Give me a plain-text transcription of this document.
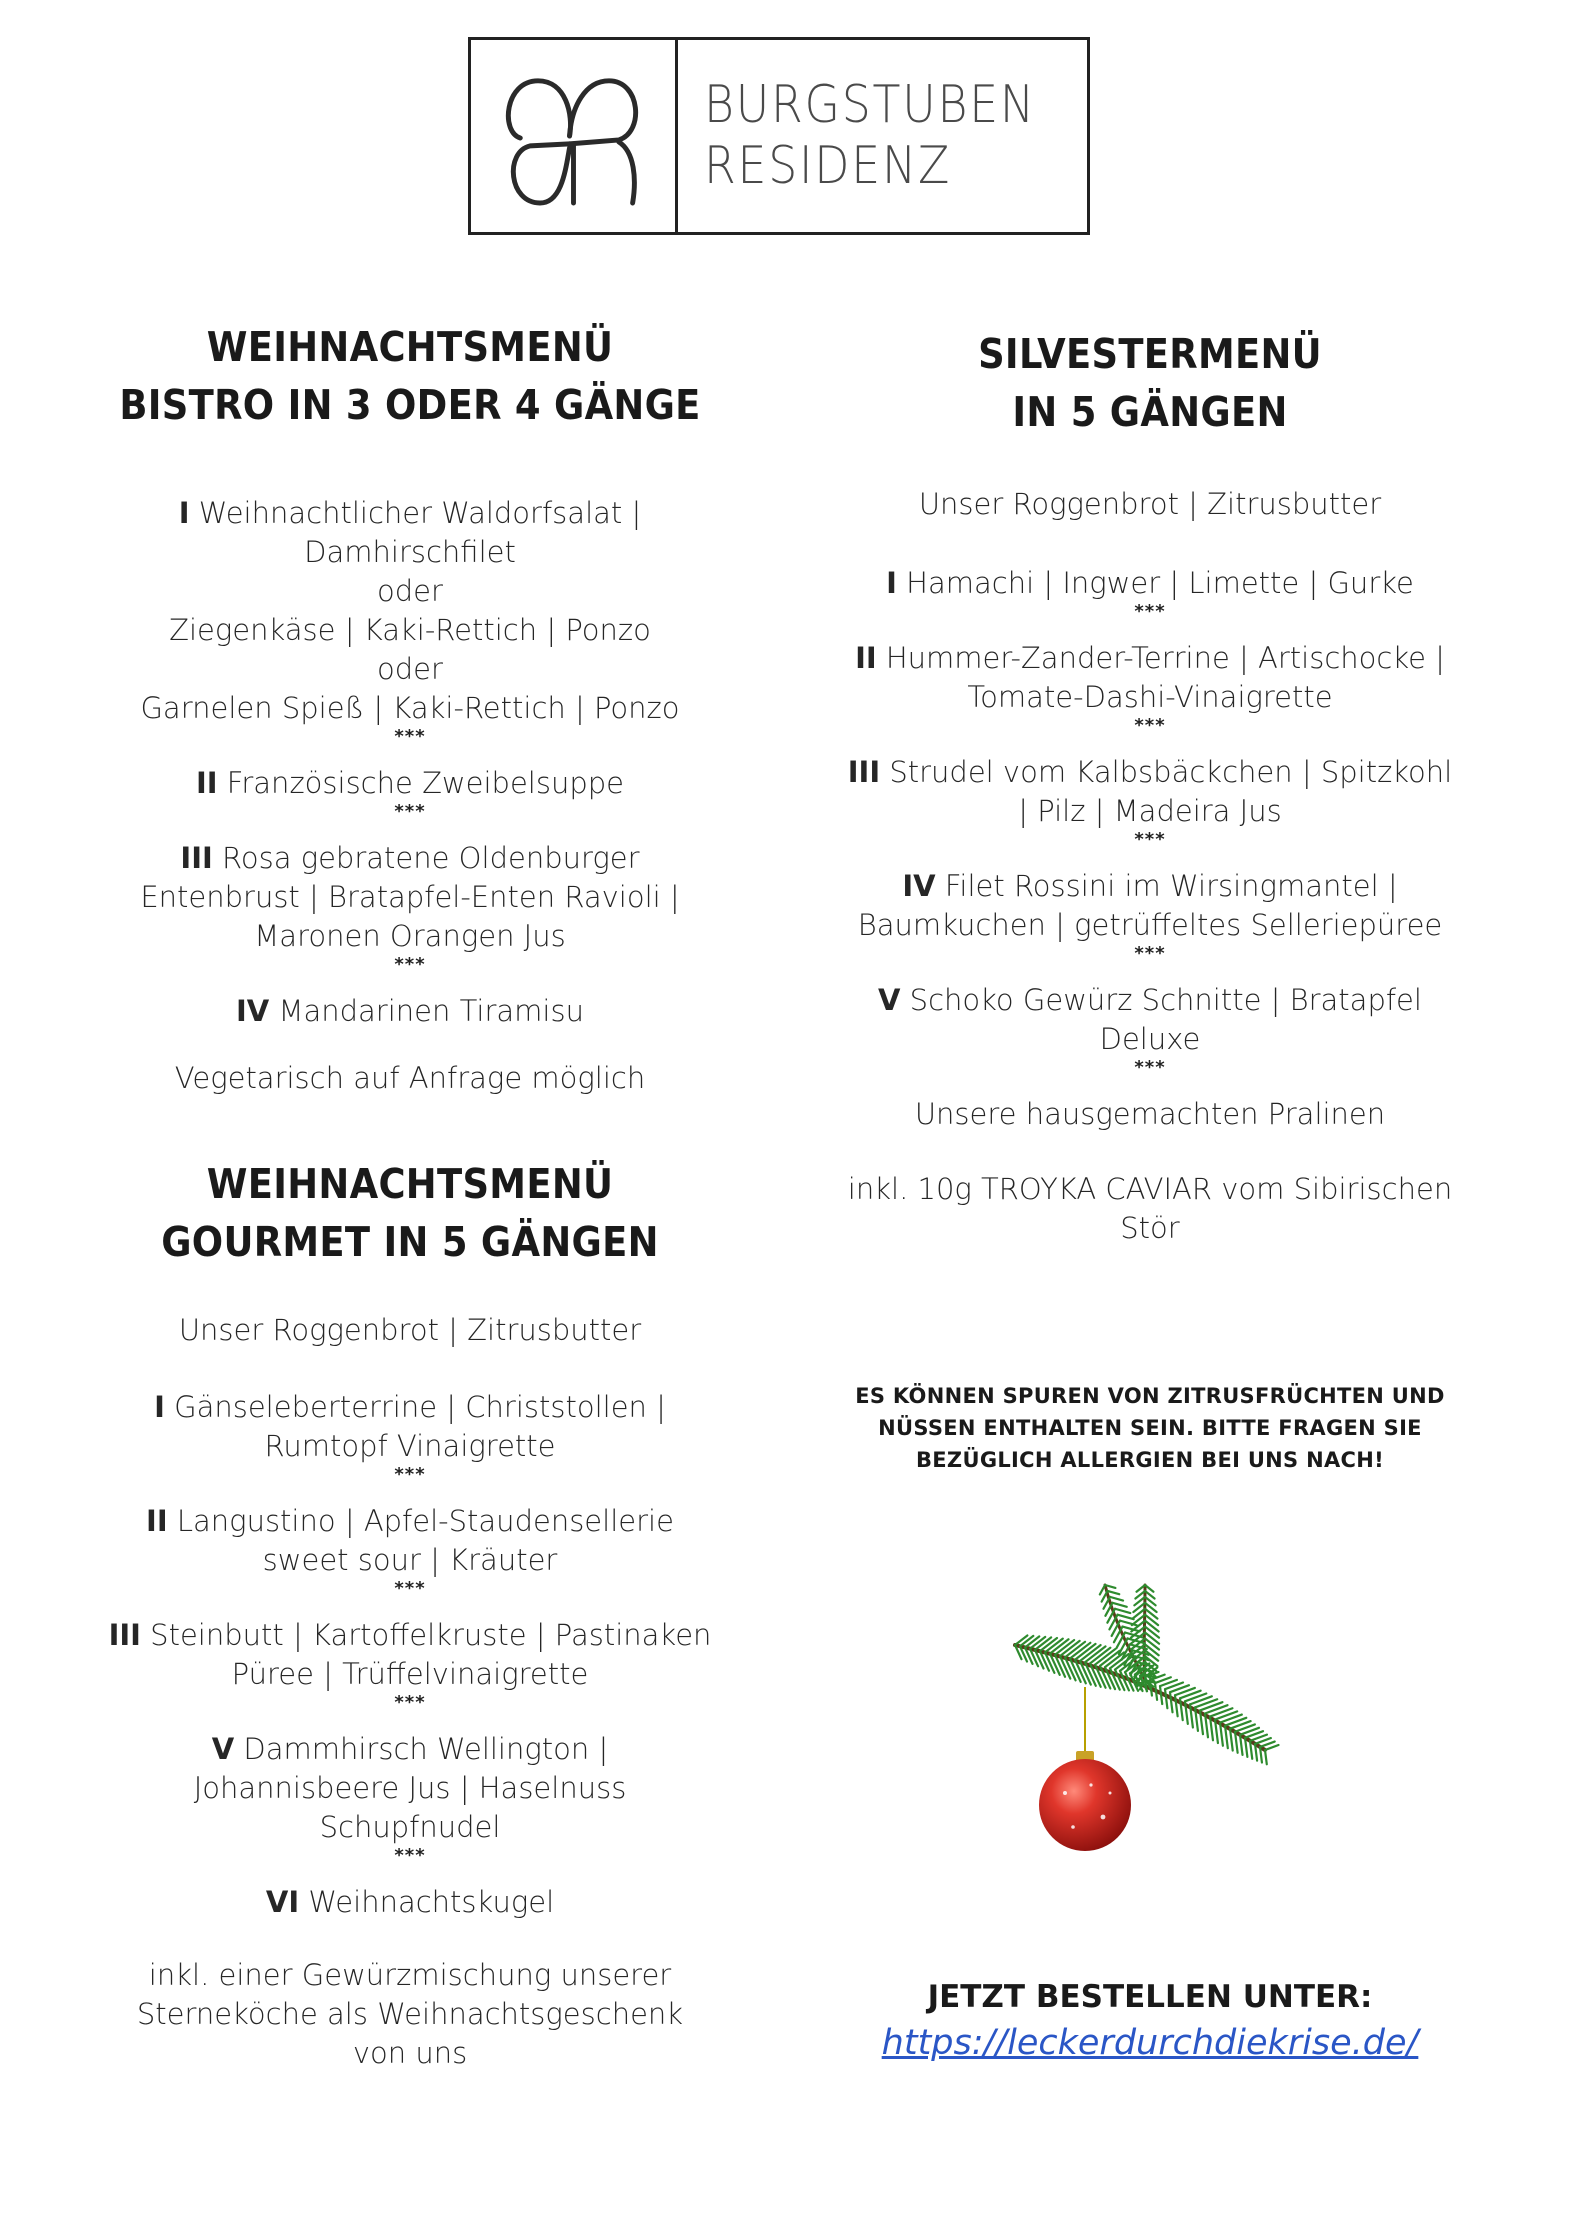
BURGSTUBEN
RESIDENZ
WEIHNACHTSMENÜ
BISTRO IN 3 ODER 4 GÄNGE
I Weihnachtlicher Waldorfsalat |
Damhirschfilet
oder
Ziegenkäse | Kaki-Rettich | Ponzo
oder
Garnelen Spieß | Kaki-Rettich | Ponzo
***
II Französische Zweibelsuppe
***
III Rosa gebratene Oldenburger
Entenbrust | Bratapfel-Enten Ravioli |
Maronen Orangen Jus
***
IV Mandarinen Tiramisu
Vegetarisch auf Anfrage möglich
WEIHNACHTSMENÜ
GOURMET IN 5 GÄNGEN
Unser Roggenbrot | Zitrusbutter
I Gänseleberterrine | Christstollen |
Rumtopf Vinaigrette
***
II Langustino | Apfel-Staudensellerie
sweet sour | Kräuter
***
III Steinbutt | Kartoffelkruste | Pastinaken
Püree | Trüffelvinaigrette
***
V Dammhirsch Wellington |
Johannisbeere Jus | Haselnuss
Schupfnudel
***
VI Weihnachtskugel
inkl. einer Gewürzmischung unserer
Sterneköche als Weihnachtsgeschenk
von uns
SILVESTERMENÜ
IN 5 GÄNGEN
Unser Roggenbrot | Zitrusbutter
I Hamachi | Ingwer | Limette | Gurke
***
II Hummer-Zander-Terrine | Artischocke |
Tomate-Dashi-Vinaigrette
***
III Strudel vom Kalbsbäckchen | Spitzkohl
| Pilz | Madeira Jus
***
IV Filet Rossini im Wirsingmantel |
Baumkuchen | getrüffeltes Selleriepüree
***
V Schoko Gewürz Schnitte | Bratapfel
Deluxe
***
Unsere hausgemachten Pralinen
inkl. 10g TROYKA CAVIAR vom Sibirischen
Stör
ES KÖNNEN SPUREN VON ZITRUSFRÜCHTEN UND
NÜSSEN ENTHALTEN SEIN. BITTE FRAGEN SIE
BEZÜGLICH ALLERGIEN BEI UNS NACH!
JETZT BESTELLEN UNTER:
https://leckerdurchdiekrise.de/
